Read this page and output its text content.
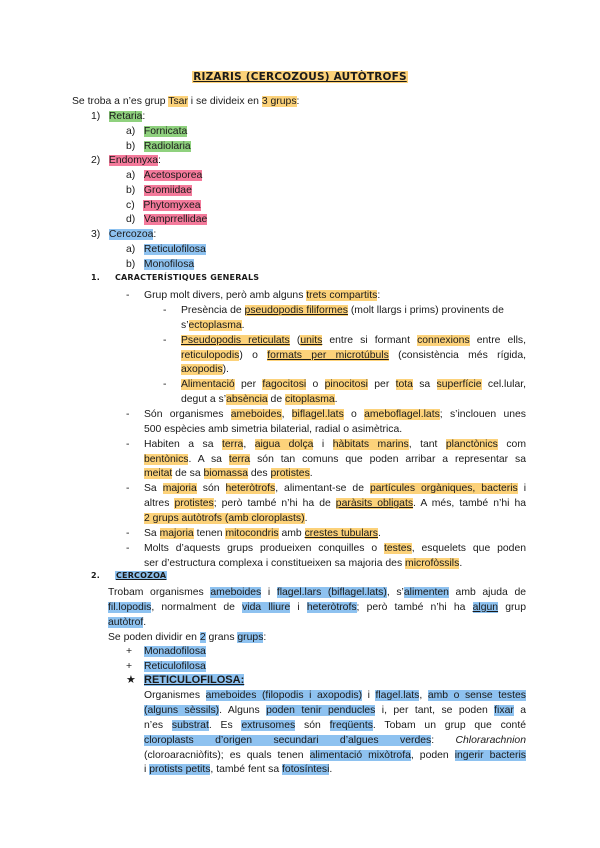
RIZARIS (CERCOZOUS) AUTÒTROFS
Se troba a n’es grup Tsar i se divideix en 3 grups:
1) Retaria:
a) Fornicata
b) Radiolaria
2) Endomyxa:
a) Acetosporea
b) Gromiidae
c) Phytomyxea
d) Vamprrellidae
3) Cercozoa:
a) Reticulofilosa
b) Monofilosa
1. CARACTERÍSTIQUES GENERALS
- Grup molt divers, però amb alguns trets compartits:
- Presència de pseudopodis filiformes (molt llargs i prims) provinents de
s’ectoplasma.
- Pseudopodis reticulats (units entre si formant connexions entre ells,
reticulopodis) o formats per microtúbuls (consistència més rígida,
axopodis).
- Alimentació per fagocitosi o pinocitosi per tota sa superfície cel.lular,
degut a s’absència de citoplasma.
- Són organismes ameboides, biflagel.lats o ameboflagel.lats; s’inclouen unes
500 espècies amb simetria bilaterial, radial o asimètrica.
- Habiten a sa terra, aigua dolça i hàbitats marins, tant planctònics com
bentònics. A sa terra són tan comuns que poden arribar a representar sa
meitat de sa biomassa des protistes.
- Sa majoria són heteròtrofs, alimentant-se de partícules orgàniques, bacteris i
altres protistes; però també n’hi ha de paràsits obligats. A més, també n’hi ha
2 grups autòtrofs (amb cloroplasts).
- Sa majoria tenen mitocondris amb crestes tubulars.
- Molts d’aquests grups produeixen conquilles o testes, esquelets que poden
ser d’estructura complexa i constitueixen sa majoria des microfòssils.
2. CERCOZOA
Trobam organismes ameboides i flagel.lars (biflagel.lats), s’alimenten amb ajuda de
fil.lopodis, normalment de vida lliure i heteròtrofs; però també n’hi ha algun grup
autòtrof.
Se poden dividir en 2 grans grups:
+ Monadofilosa
+ Reticulofilosa
★ RETICULOFILOSA:
Organismes ameboides (filopodis i axopodis) i flagel.lats, amb o sense testes
(alguns sèssils). Alguns poden tenir penducles i, per tant, se poden fixar a
n’es substrat. Es extrusomes són freqüents. Tobam un grup que conté
cloroplasts d’origen secundari d’algues verdes: Chlorarachnion
(cloroaracniòfits); es quals tenen alimentació mixòtrofa, poden ingerir bacteris
i protists petits, també fent sa fotosíntesi.
